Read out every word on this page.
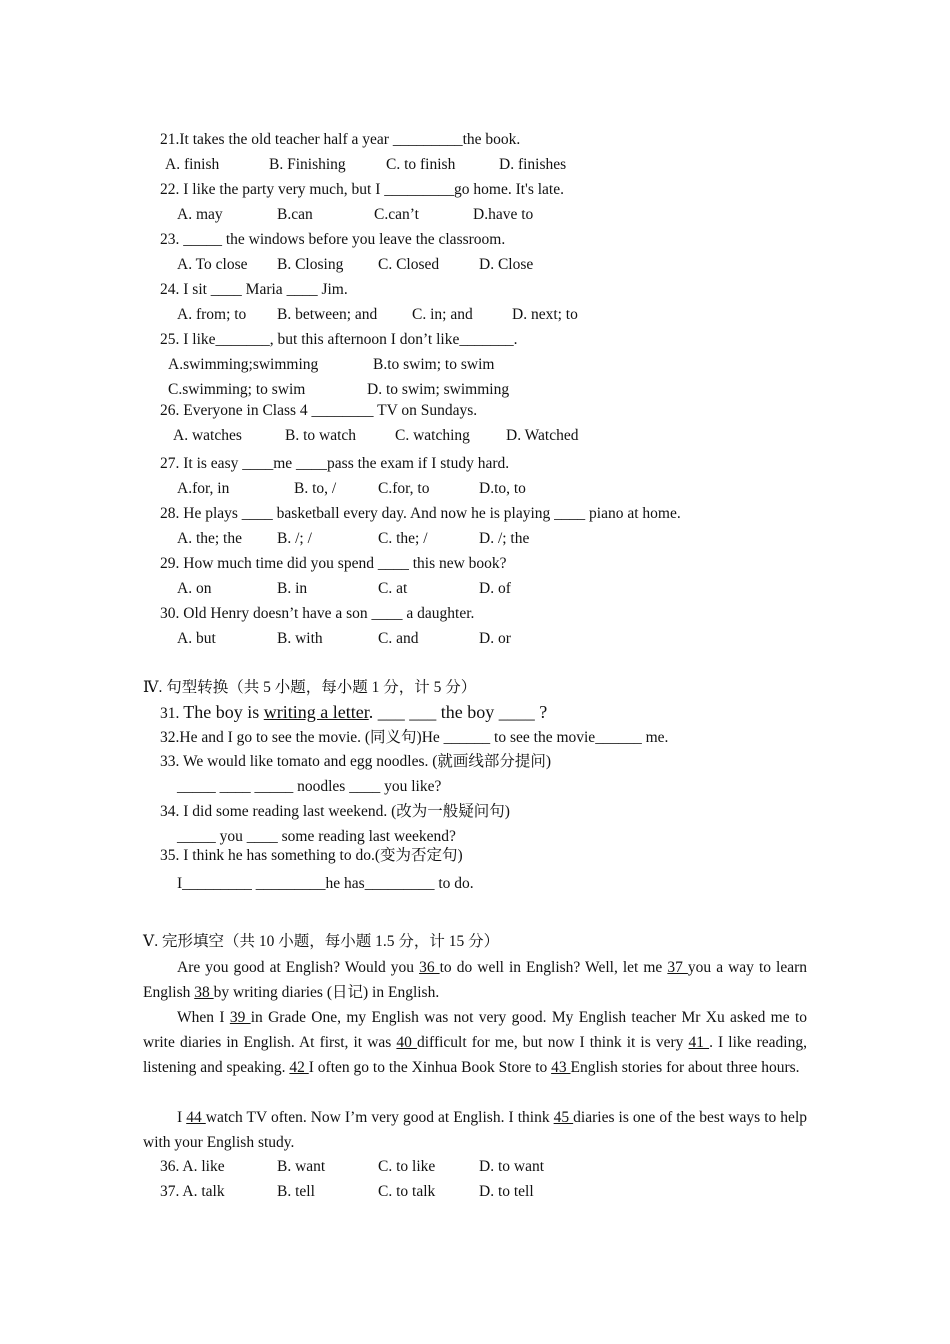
21.It takes the old teacher half a year _________the book.
A. finish	B. Finishing	C. to finish	D. finishes
22. I like the party very much, but I _________go home. It's late.
A. may	B.can	C.can’t	D.have to
23. _____ the windows before you leave the classroom.
A. To close B. Closing C. Closed	D. Close
24. I sit ____ Maria ____ Jim.
A. from; to B. between; and C. in; and	D. next; to
25. I like_______, but this afternoon I don’t like_______.
A.swimming;swimming	B.to swim; to swim
C.swimming; to swim	D. to swim; swimming
26. Everyone in Class 4 ________ TV on Sundays.
A. watches	B. to watch	C. watching D. Watched
27. It is easy ____me ____pass the exam if I study hard.
A.for, in	B. to, /	C.for, to	D.to, to
28. He plays ____ basketball every day. And now he is playing ____ piano at home.
A. the; the B. /; /	C. the; /	D. /; the
29. How much time did you spend ____ this new book?
A. on	B. in	C. at	D. of
30. Old Henry doesn’t have a son ____ a daughter.
A. but	B. with	C. and	D. or
Ⅳ. 句型转换（共 5 小题，每小题 1 分，计 5 分）
31. The boy is writing a letter. ___ ___ the boy ____ ?
32.He and I go to see the movie. (同义句)He ______ to see the movie______ me.
33. We would like tomato and egg noodles. (就画线部分提问)
_____ ____ _____ noodles ____ you like?
34. I did some reading last weekend. (改为一般疑问句)
_____ you ____ some reading last weekend?
35. I think he has something to do.(变为否定句)
I_________ _________he has_________ to do.
Ⅴ. 完形填空（共 10 小题，每小题 1.5 分，计 15 分）
Are you good at English? Would you 36 to do well in English? Well, let me 37 you a way to learn English 38 by writing diaries (日记) in English.
When I 39 in Grade One, my English was not very good. My English teacher Mr Xu asked me to write diaries in English. At first, it was 40 difficult for me, but now I think it is very 41 . I like reading, listening and speaking. 42 I often go to the Xinhua Book Store to 43 English stories for about three hours.
I 44 watch TV often. Now I’m very good at English. I think 45 diaries is one of the best ways to help with your English study.
36. A. like	B. want	C. to like	D. to want
37. A. talk	B. tell	C. to talk	D. to tell
